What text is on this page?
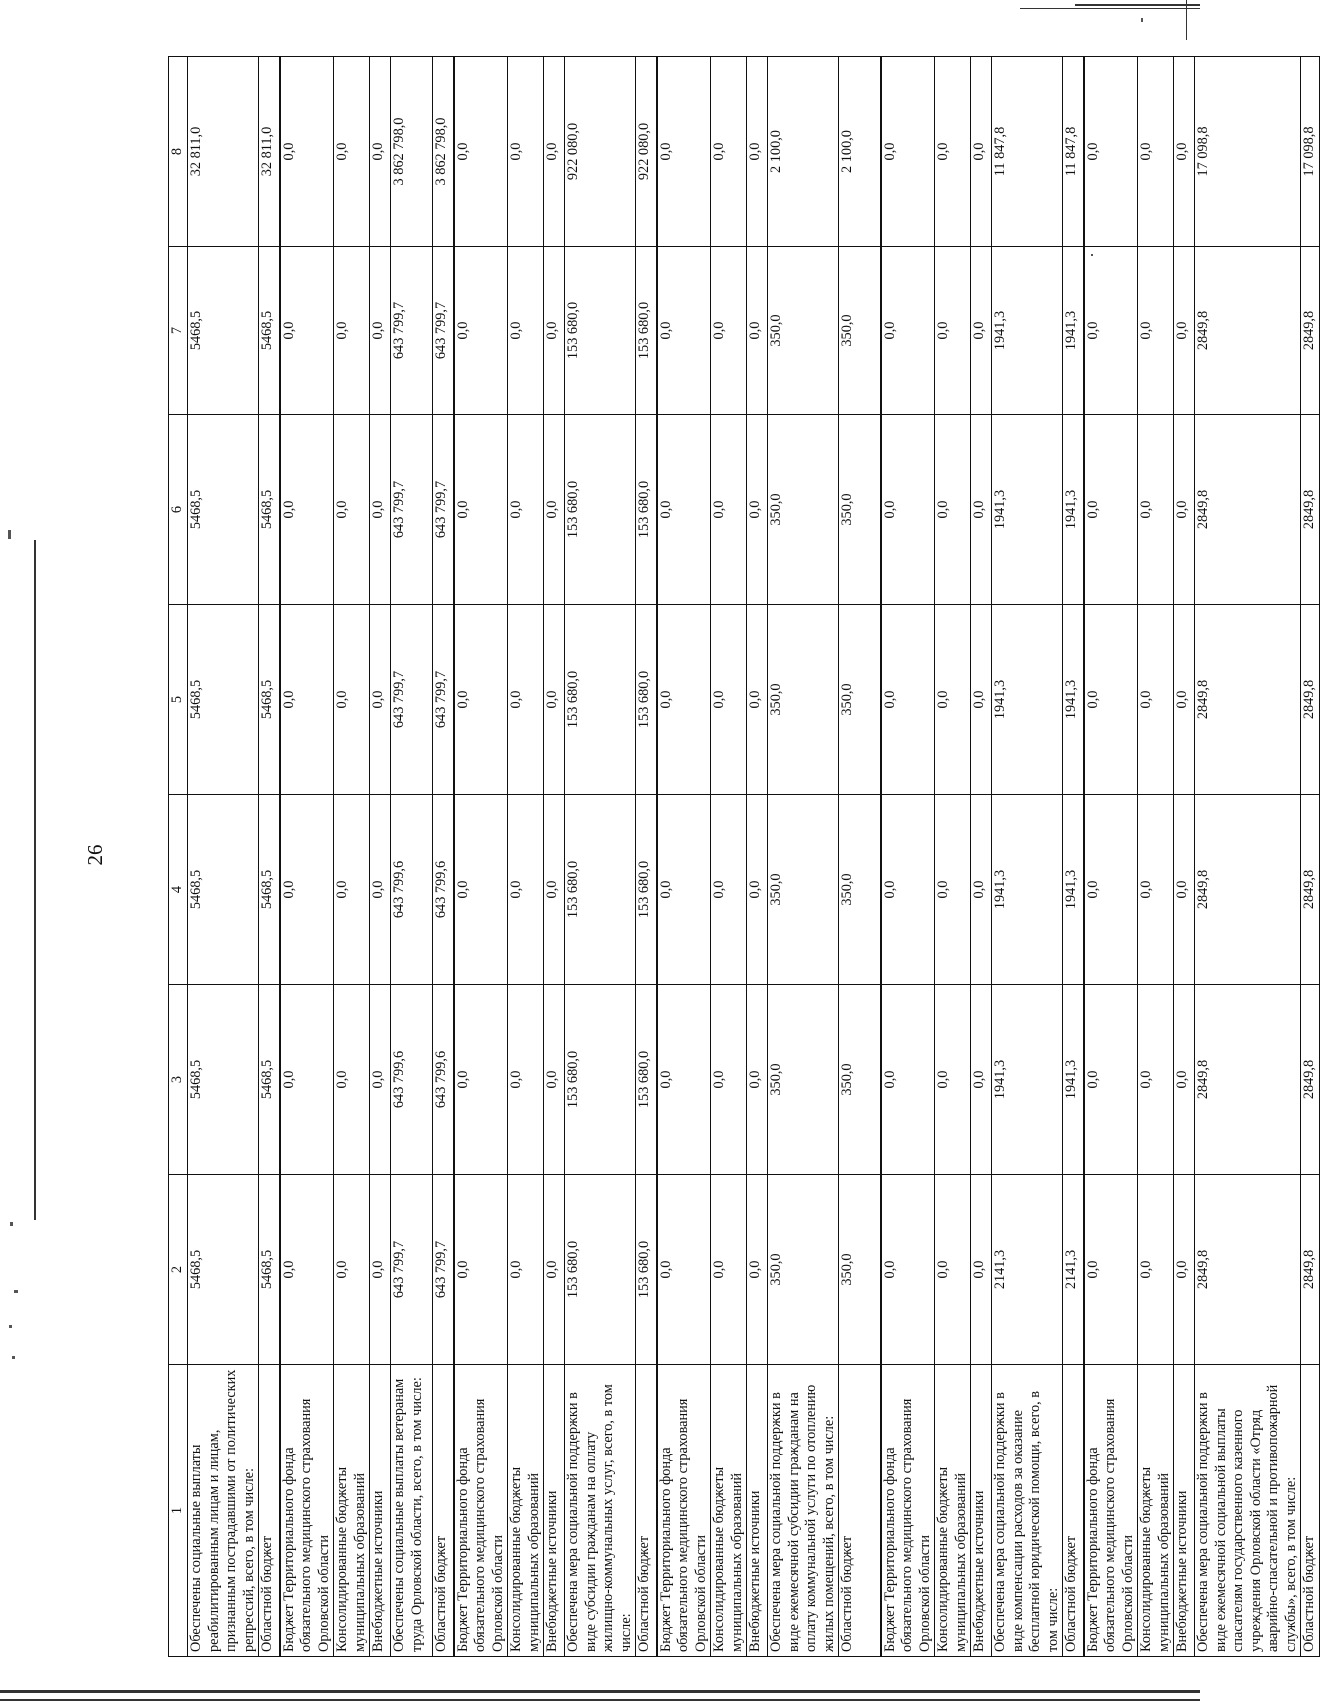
26
1	2	3	4	5	6	7	8
Обеспечены социальные выплаты реабилитированным лицам и лицам, признанным пострадавшими от политических репрессий, всего, в том числе:	5468,5	5468,5	5468,5	5468,5	5468,5	5468,5	32 811,0
Областной бюджет	5468,5	5468,5	5468,5	5468,5	5468,5	5468,5	32 811,0
Бюджет Территориального фонда обязательного медицинского страхования Орловской области	0,0	0,0	0,0	0,0	0,0	0,0	0,0
Консолидированные бюджеты муниципальных образований	0,0	0,0	0,0	0,0	0,0	0,0	0,0
Внебюджетные источники	0,0	0,0	0,0	0,0	0,0	0,0	0,0
Обеспечены социальные выплаты ветеранам труда Орловской области, всего, в том числе:	643 799,7	643 799,6	643 799,6	643 799,7	643 799,7	643 799,7	3 862 798,0
Областной бюджет	643 799,7	643 799,6	643 799,6	643 799,7	643 799,7	643 799,7	3 862 798,0
Бюджет Территориального фонда обязательного медицинского страхования Орловской области	0,0	0,0	0,0	0,0	0,0	0,0	0,0
Консолидированные бюджеты муниципальных образований	0,0	0,0	0,0	0,0	0,0	0,0	0,0
Внебюджетные источники	0,0	0,0	0,0	0,0	0,0	0,0	0,0
Обеспечена мера социальной поддержки в виде субсидии гражданам на оплату жилищно-коммунальных услуг, всего, в том числе:	153 680,0	153 680,0	153 680,0	153 680,0	153 680,0	153 680,0	922 080,0
Областной бюджет	153 680,0	153 680,0	153 680,0	153 680,0	153 680,0	153 680,0	922 080,0
Бюджет Территориального фонда обязательного медицинского страхования Орловской области	0,0	0,0	0,0	0,0	0,0	0,0	0,0
Консолидированные бюджеты муниципальных образований	0,0	0,0	0,0	0,0	0,0	0,0	0,0
Внебюджетные источники	0,0	0,0	0,0	0,0	0,0	0,0	0,0
Обеспечена мера социальной поддержки в виде ежемесячной субсидии гражданам на оплату коммунальной услуги по отоплению жилых помещений, всего, в том числе:	350,0	350,0	350,0	350,0	350,0	350,0	2 100,0
Областной бюджет	350,0	350,0	350,0	350,0	350,0	350,0	2 100,0
Бюджет Территориального фонда обязательного медицинского страхования Орловской области	0,0	0,0	0,0	0,0	0,0	0,0	0,0
Консолидированные бюджеты муниципальных образований	0,0	0,0	0,0	0,0	0,0	0,0	0,0
Внебюджетные источники	0,0	0,0	0,0	0,0	0,0	0,0	0,0
Обеспечена мера социальной поддержки в виде компенсации расходов за оказание бесплатной юридической помощи, всего, в том числе:	2141,3	1941,3	1941,3	1941,3	1941,3	1941,3	11 847,8
Областной бюджет	2141,3	1941,3	1941,3	1941,3	1941,3	1941,3	11 847,8
Бюджет Территориального фонда обязательного медицинского страхования Орловской области	0,0	0,0	0,0	0,0	0,0	0,0	0,0
Консолидированные бюджеты муниципальных образований	0,0	0,0	0,0	0,0	0,0	0,0	0,0
Внебюджетные источники	0,0	0,0	0,0	0,0	0,0	0,0	0,0
Обеспечена мера социальной поддержки в виде ежемесячной социальной выплаты спасателям государственного казенного учреждения Орловской области «Отряд аварийно-спасательной и противопожарной службы», всего, в том числе:	2849,8	2849,8	2849,8	2849,8	2849,8	2849,8	17 098,8
Областной бюджет	2849,8	2849,8	2849,8	2849,8	2849,8	2849,8	17 098,8
